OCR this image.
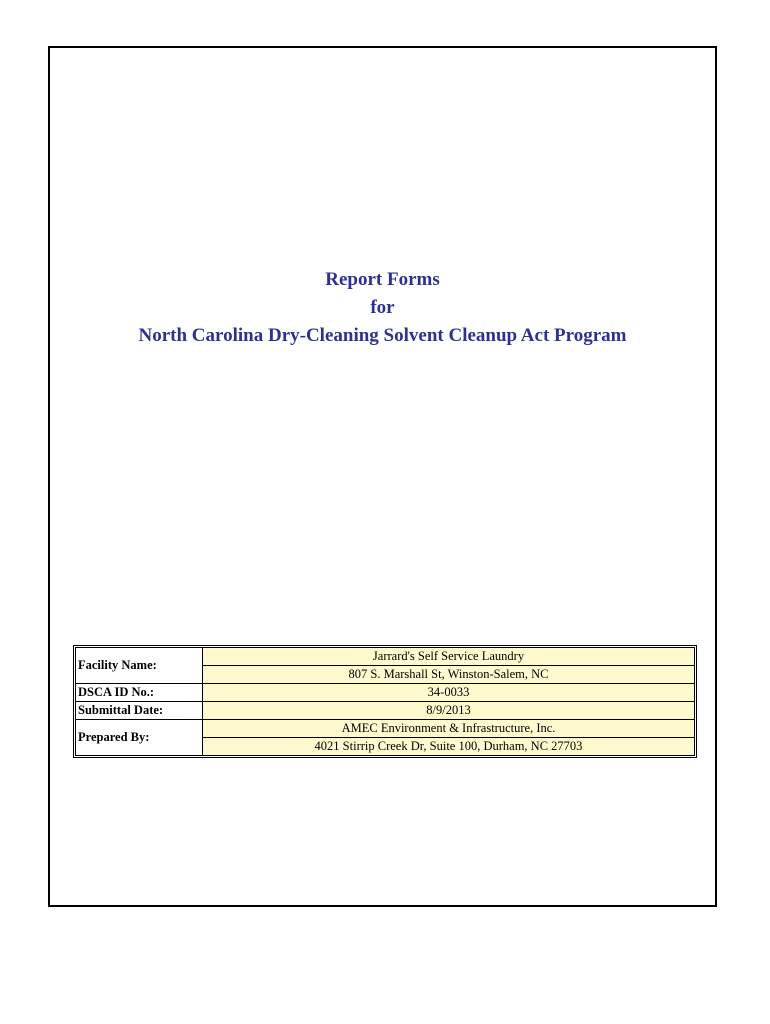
Report Forms
for
North Carolina Dry-Cleaning Solvent Cleanup Act Program
Facility Name:	Jarrard's Self Service Laundry
	807 S. Marshall St, Winston-Salem, NC
DSCA ID No.:	34-0033
Submittal Date:	8/9/2013
Prepared By:	AMEC Environment & Infrastructure, Inc.
	4021 Stirrip Creek Dr, Suite 100, Durham, NC 27703
